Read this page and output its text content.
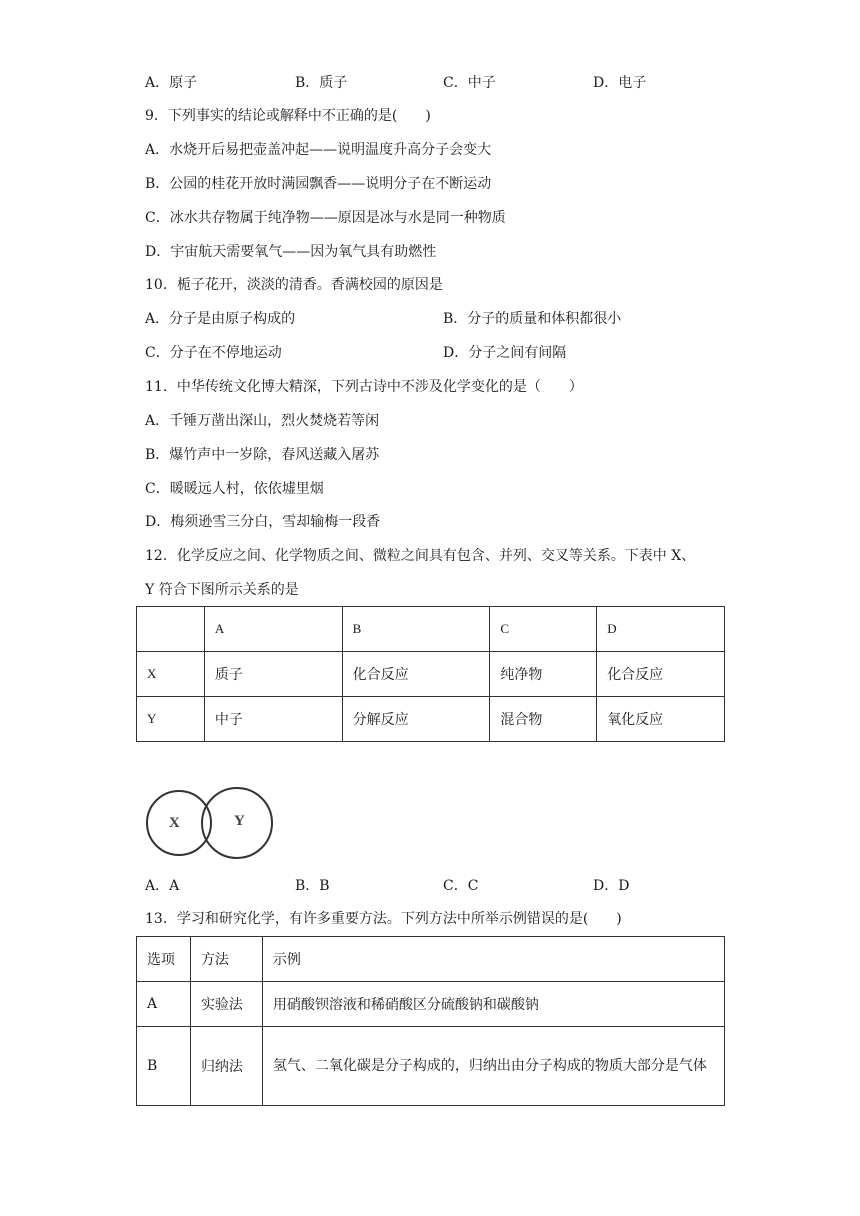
A．原子	B．质子	C．中子	D．电子
9．下列事实的结论或解释中不正确的是(　　)
A．水烧开后易把壶盖冲起——说明温度升高分子会变大
B．公园的桂花开放时满园飘香——说明分子在不断运动
C．冰水共存物属于纯净物——原因是冰与水是同一种物质
D．宇宙航天需要氧气——因为氧气具有助燃性
10．栀子花开，淡淡的清香。香满校园的原因是
A．分子是由原子构成的	B．分子的质量和体积都很小
C．分子在不停地运动	D．分子之间有间隔
11．中华传统文化博大精深，下列古诗中不涉及化学变化的是（　　）
A．千锤万凿出深山，烈火焚烧若等闲
B．爆竹声中一岁除，春风送藏入屠苏
C．暖暖远人村，依依墟里烟
D．梅须逊雪三分白，雪却输梅一段香
12．化学反应之间、化学物质之间、微粒之间具有包含、并列、交叉等关系。下表中 X、
Y 符合下图所示关系的是
	A	B	C	D
X	质子	化合反应	纯净物	化合反应
Y	中子	分解反应	混合物	氧化反应
X	Y
A．A	B．B	C．C	D．D
13．学习和研究化学，有许多重要方法。下列方法中所举示例错误的是(　　)
选项	方法	示例
A	实验法	用硝酸钡溶液和稀硝酸区分硫酸钠和碳酸钠
B	归纳法	氢气、二氧化碳是分子构成的，归纳出由分子构成的物质大部分是气体
